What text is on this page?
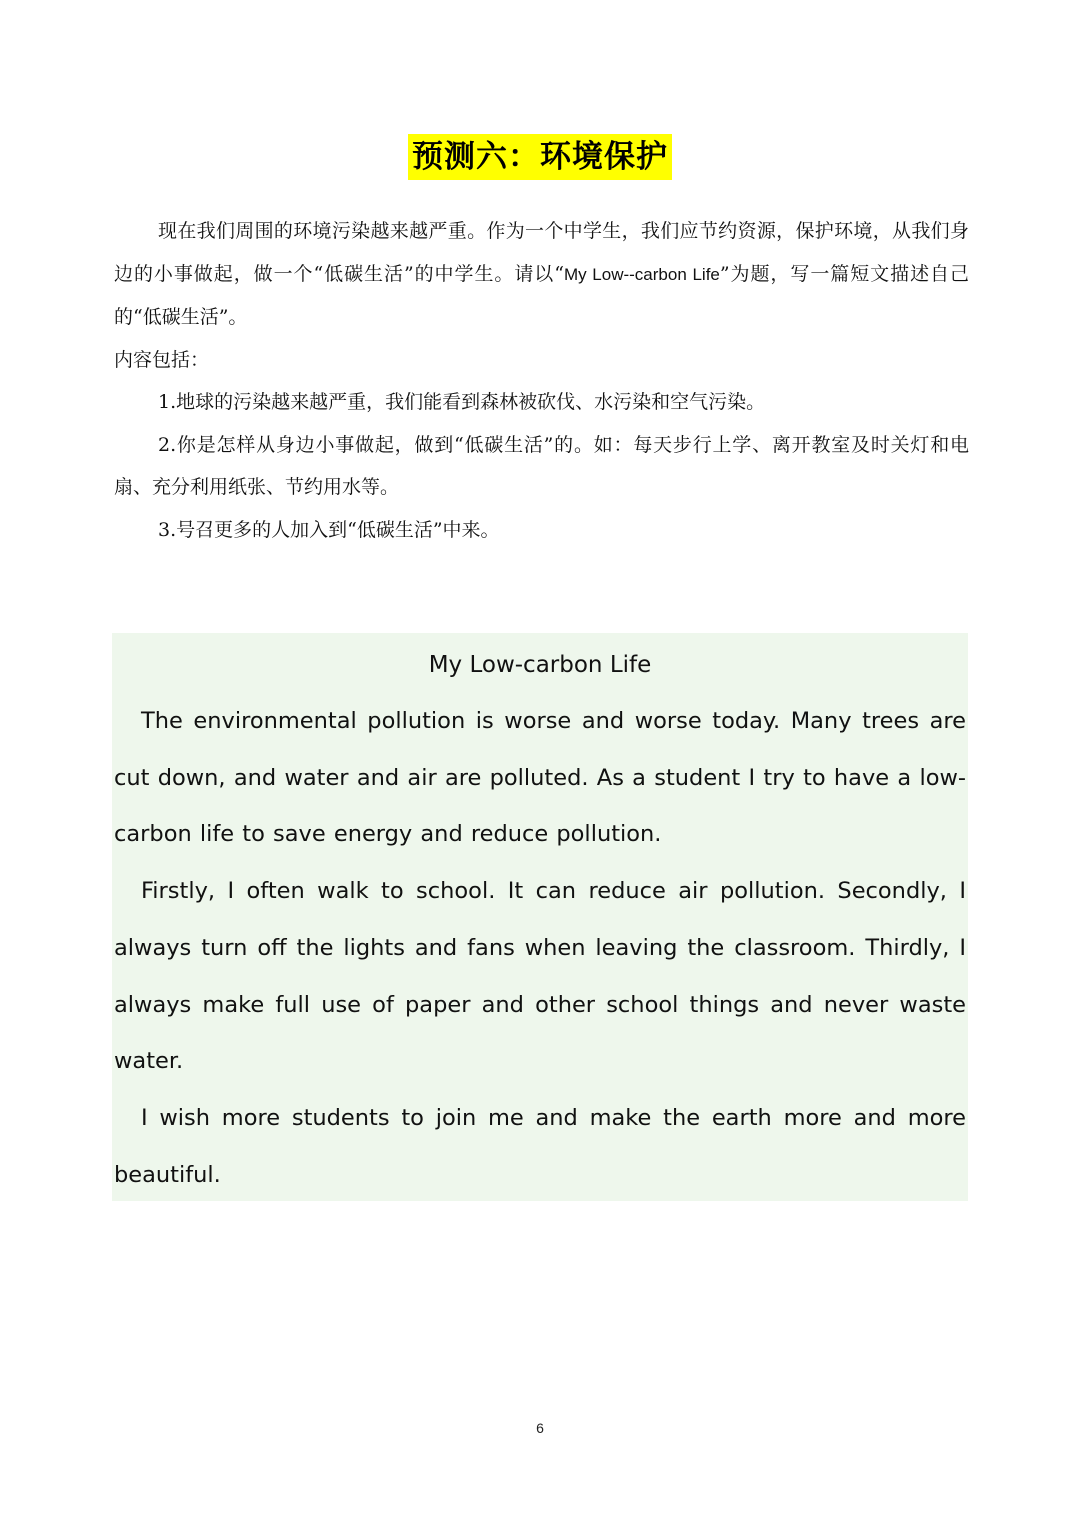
预测六：环境保护

现在我们周围的环境污染越来越严重。作为一个中学生，我们应节约资源，保护环境，从我们身边的小事做起，做一个“低碳生活”的中学生。请以“My Low--carbon Life”为题，写一篇短文描述自己的“低碳生活”。

内容包括：

1.地球的污染越来越严重，我们能看到森林被砍伐、水污染和空气污染。

2.你是怎样从身边小事做起，做到“低碳生活”的。如：每天步行上学、离开教室及时关灯和电扇、充分利用纸张、节约用水等。

3.号召更多的人加入到“低碳生活”中来。

My Low-carbon Life

The environmental pollution is worse and worse today. Many trees are cut down, and water and air are polluted. As a student I try to have a low-carbon life to save energy and reduce pollution.

Firstly, I often walk to school. It can reduce air pollution. Secondly, I always turn off the lights and fans when leaving the classroom. Thirdly, I always make full use of paper and other school things and never waste water.

I wish more students to join me and make the earth more and more beautiful.

6
